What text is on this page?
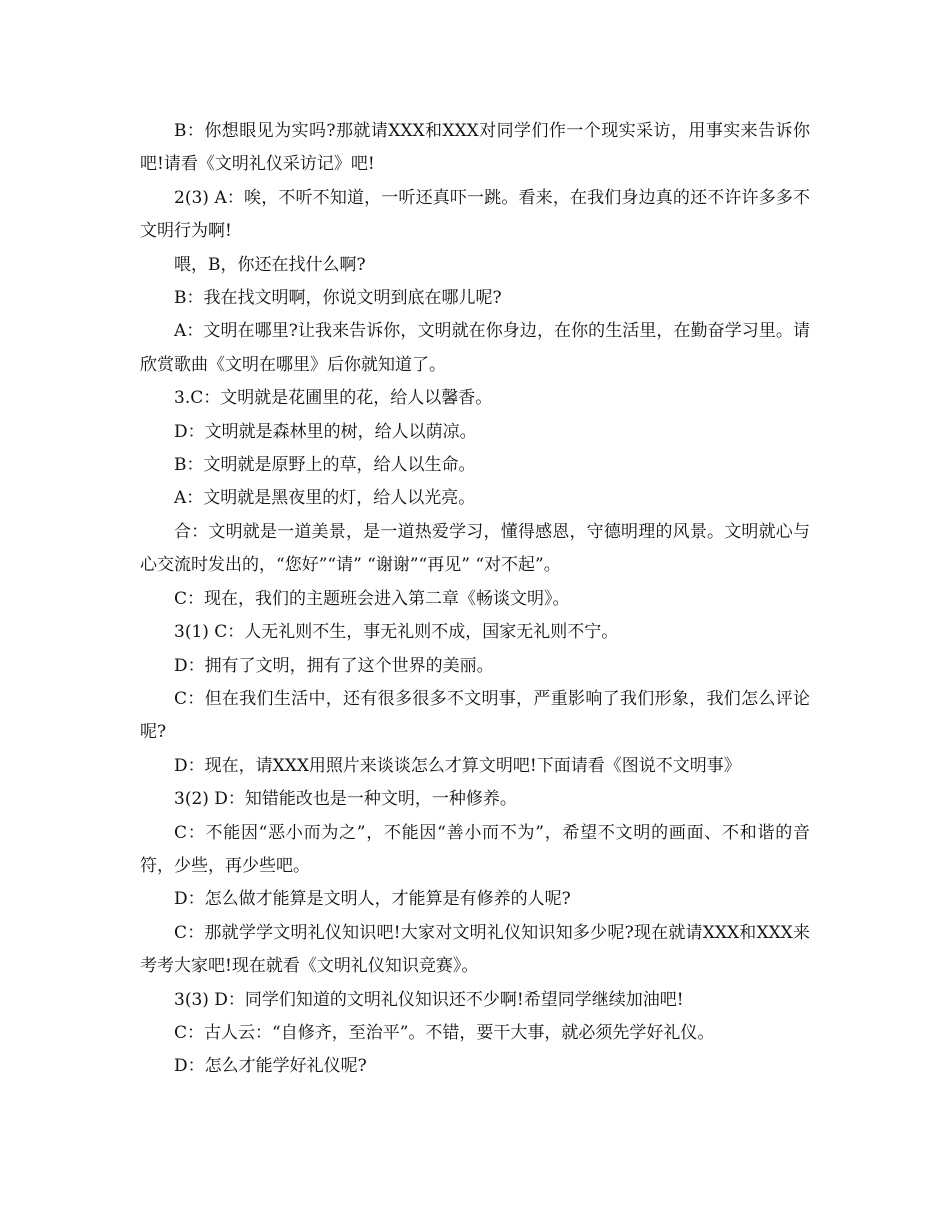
B：你想眼见为实吗?那就请XXX和XXX对同学们作一个现实采访，用事实来告诉你吧!请看《文明礼仪采访记》吧!

2(3) A：唉，不听不知道，一听还真吓一跳。看来，在我们身边真的还不许许多多不文明行为啊!

喂，B，你还在找什么啊?

B：我在找文明啊，你说文明到底在哪儿呢?

A：文明在哪里?让我来告诉你，文明就在你身边，在你的生活里，在勤奋学习里。请欣赏歌曲《文明在哪里》后你就知道了。

3.C：文明就是花圃里的花，给人以馨香。

D：文明就是森林里的树，给人以荫凉。

B：文明就是原野上的草，给人以生命。

A：文明就是黑夜里的灯，给人以光亮。

合：文明就是一道美景，是一道热爱学习，懂得感恩，守德明理的风景。文明就心与心交流时发出的，“您好”“请” “谢谢”“再见” “对不起”。

C：现在，我们的主题班会进入第二章《畅谈文明》。

3(1) C：人无礼则不生，事无礼则不成，国家无礼则不宁。

D：拥有了文明，拥有了这个世界的美丽。

C：但在我们生活中，还有很多很多不文明事，严重影响了我们形象，我们怎么评论呢?

D：现在，请XXX用照片来谈谈怎么才算文明吧!下面请看《图说不文明事》

3(2) D：知错能改也是一种文明，一种修养。

C：不能因“恶小而为之”，不能因“善小而不为”，希望不文明的画面、不和谐的音符，少些，再少些吧。

D：怎么做才能算是文明人，才能算是有修养的人呢?

C：那就学学文明礼仪知识吧!大家对文明礼仪知识知多少呢?现在就请XXX和XXX来考考大家吧!现在就看《文明礼仪知识竞赛》。

3(3) D：同学们知道的文明礼仪知识还不少啊!希望同学继续加油吧!

C：古人云：“自修齐，至治平”。不错，要干大事，就必须先学好礼仪。

D：怎么才能学好礼仪呢?
